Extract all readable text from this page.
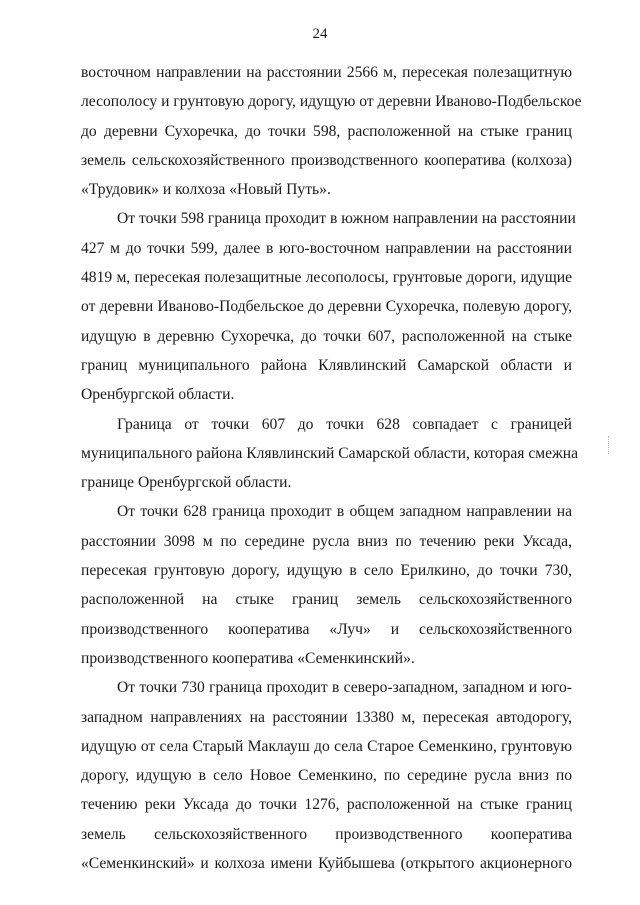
24
восточном направлении на расстоянии 2566 м, пересекая полезащитную
лесополосу и грунтовую дорогу, идущую от деревни Иваново-Подбельское
до деревни Сухоречка, до точки 598, расположенной на стыке границ
земель сельскохозяйственного производственного кооператива (колхоза)
«Трудовик» и колхоза «Новый Путь».
От точки 598 граница проходит в южном направлении на расстоянии
427 м до точки 599, далее в юго-восточном направлении на расстоянии
4819 м, пересекая полезащитные лесополосы, грунтовые дороги, идущие
от деревни Иваново-Подбельское до деревни Сухоречка, полевую дорогу,
идущую в деревню Сухоречка, до точки 607, расположенной на стыке
границ муниципального района Клявлинский Самарской области и
Оренбургской области.
Граница от точки 607 до точки 628 совпадает с границей
муниципального района Клявлинский Самарской области, которая смежна
границе Оренбургской области.
От точки 628 граница проходит в общем западном направлении на
расстоянии 3098 м по середине русла вниз по течению реки Уксада,
пересекая грунтовую дорогу, идущую в село Ерилкино, до точки 730,
расположенной на стыке границ земель сельскохозяйственного
производственного кооператива «Луч» и сельскохозяйственного
производственного кооператива «Семенкинский».
От точки 730 граница проходит в северо-западном, западном и юго-
западном направлениях на расстоянии 13380 м, пересекая автодорогу,
идущую от села Старый Маклауш до села Старое Семенкино, грунтовую
дорогу, идущую в село Новое Семенкино, по середине русла вниз по
течению реки Уксада до точки 1276, расположенной на стыке границ
земель сельскохозяйственного производственного кооператива
«Семенкинский» и колхоза имени Куйбышева (открытого акционерного
